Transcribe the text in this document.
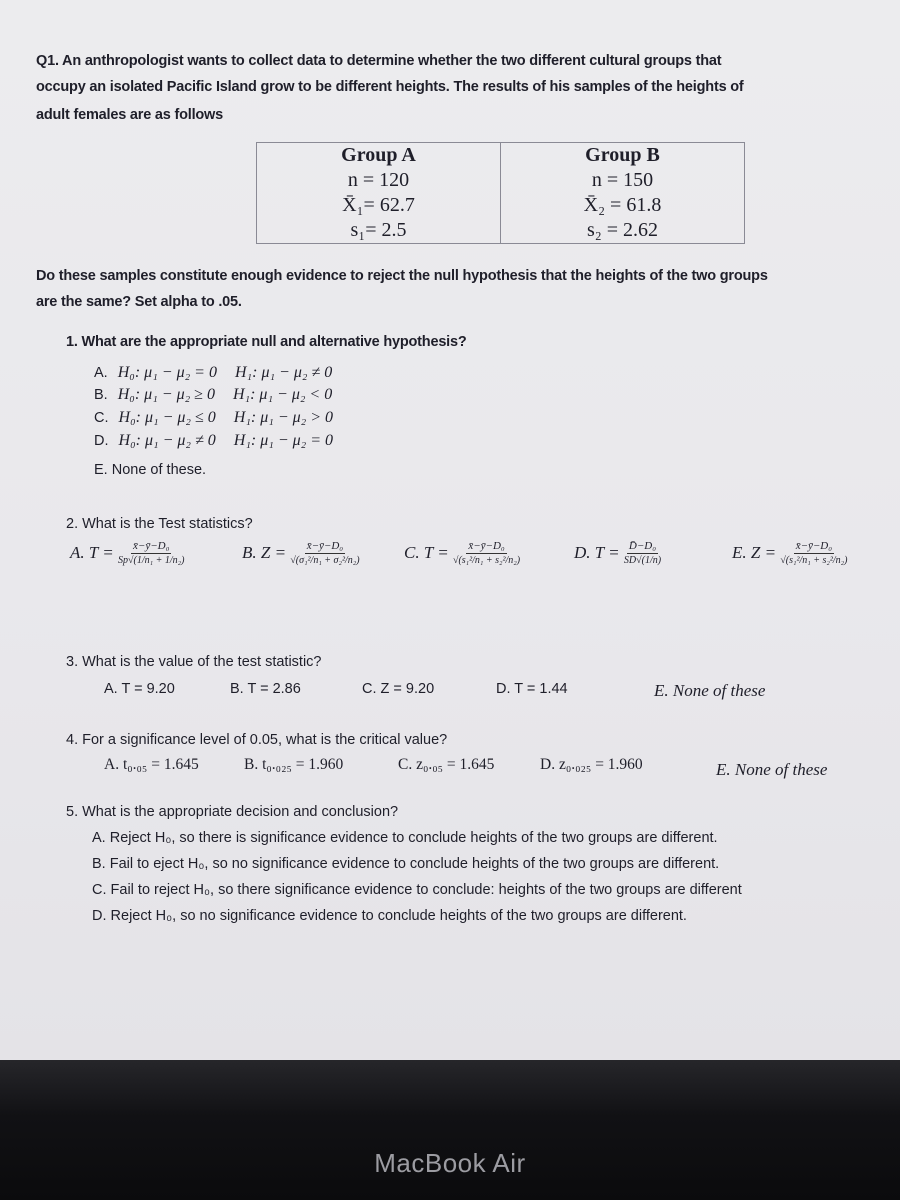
Q1. An anthropologist wants to collect data to determine whether the two different cultural groups that
occupy an isolated Pacific Island grow to be different heights. The results of his samples of the heights of
adult females are as follows
Group A	Group B
n = 120	n = 150
X̄₁= 62.7	X̄₂ = 61.8
s₁= 2.5	s₂ = 2.62
Do these samples constitute enough evidence to reject the null hypothesis that the heights of the two groups
are the same? Set alpha to .05.
1. What are the appropriate null and alternative hypothesis?
A. H₀: μ₁ − μ₂ = 0 H₁: μ₁ − μ₂ ≠ 0
B. H₀: μ₁ − μ₂ ≥ 0 H₁: μ₁ − μ₂ < 0
C. H₀: μ₁ − μ₂ ≤ 0 H₁: μ₁ − μ₂ > 0
D. H₀: μ₁ − μ₂ ≠ 0 H₁: μ₁ − μ₂ = 0
E. None of these.
2. What is the Test statistics?
A. $T = \frac{\text{x̄−ȳ−D₀}}{\text{Sp√(1/n₁ + 1/n₂)}}$	B. $Z = \frac{\text{x̄−ȳ−D₀}}{\text{√(σ₁²/n₁ + σ₂²/n₂)}}$	C. $T = \frac{\text{x̄−ȳ−D₀}}{\text{√(s₁²/n₁ + s₂²/n₂)}}$	D. $T = \frac{\text{D̄−D₀}}{SD√(1/n)}$	E. $Z = \frac{\text{x̄−ȳ−D₀}}{\text{√(s₁²/n₁ + s₂²/n₂)}}$
3. What is the value of the test statistic?
A. T = 9.20	B. T = 2.86	C. Z = 9.20	D. T = 1.44	E. None of these
4. For a significance level of 0.05, what is the critical value?
A. t₀.₀₅ = 1.645	B. t₀.₀₂₅ = 1.960	C. z₀.₀₅ = 1.645	D. z₀.₀₂₅ = 1.960	E. None of these
5. What is the appropriate decision and conclusion?
A. Reject H₀, so there is significance evidence to conclude heights of the two groups are different.
B. Fail to eject H₀, so no significance evidence to conclude heights of the two groups are different.
C. Fail to reject H₀, so there significance evidence to conclude: heights of the two groups are different
D. Reject H₀, so no significance evidence to conclude heights of the two groups are different.
MacBook Air
